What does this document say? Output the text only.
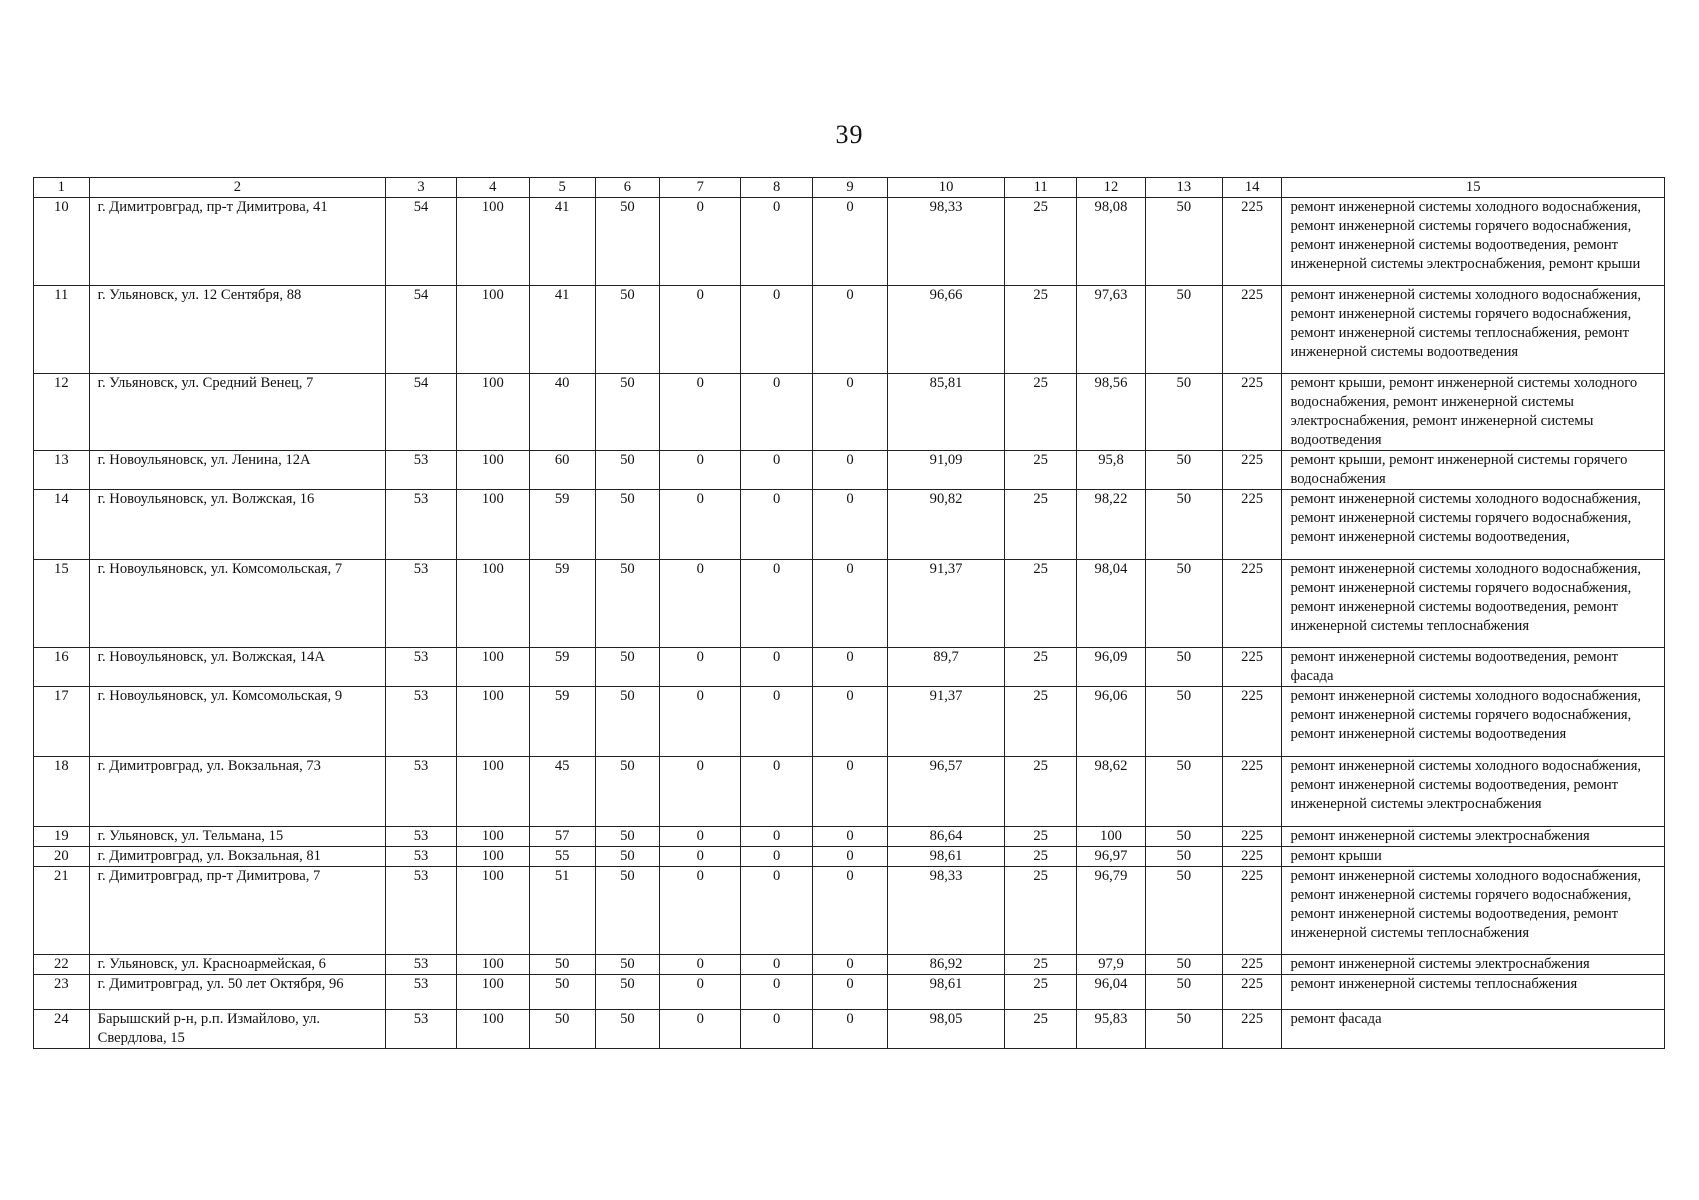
39
1	2	3	4	5	6	7	8	9	10	11	12	13	14	15
10	г. Димитровград, пр-т Димитрова, 41	54	100	41	50	0	0	0	98,33	25	98,08	50	225	ремонт инженерной системы холодного водоснабжения, ремонт инженерной системы горячего водоснабжения, ремонт инженерной системы водоотведения, ремонт инженерной системы электроснабжения, ремонт крыши
11	г. Ульяновск, ул. 12 Сентября, 88	54	100	41	50	0	0	0	96,66	25	97,63	50	225	ремонт инженерной системы холодного водоснабжения, ремонт инженерной системы горячего водоснабжения, ремонт инженерной системы теплоснабжения, ремонт инженерной системы водоотведения
12	г. Ульяновск, ул. Средний Венец, 7	54	100	40	50	0	0	0	85,81	25	98,56	50	225	ремонт крыши, ремонт инженерной системы холодного водоснабжения, ремонт инженерной системы электроснабжения, ремонт инженерной системы водоотведения
13	г. Новоульяновск, ул. Ленина, 12А	53	100	60	50	0	0	0	91,09	25	95,8	50	225	ремонт крыши, ремонт инженерной системы горячего водоснабжения
14	г. Новоульяновск, ул. Волжская, 16	53	100	59	50	0	0	0	90,82	25	98,22	50	225	ремонт инженерной системы холодного водоснабжения, ремонт инженерной системы горячего водоснабжения, ремонт инженерной системы водоотведения,
15	г. Новоульяновск, ул. Комсомольская, 7	53	100	59	50	0	0	0	91,37	25	98,04	50	225	ремонт инженерной системы холодного водоснабжения, ремонт инженерной системы горячего водоснабжения, ремонт инженерной системы водоотведения, ремонт инженерной системы теплоснабжения
16	г. Новоульяновск, ул. Волжская, 14А	53	100	59	50	0	0	0	89,7	25	96,09	50	225	ремонт инженерной системы водоотведения, ремонт фасада
17	г. Новоульяновск, ул. Комсомольская, 9	53	100	59	50	0	0	0	91,37	25	96,06	50	225	ремонт инженерной системы холодного водоснабжения, ремонт инженерной системы горячего водоснабжения, ремонт инженерной системы водоотведения
18	г. Димитровград, ул. Вокзальная, 73	53	100	45	50	0	0	0	96,57	25	98,62	50	225	ремонт инженерной системы холодного водоснабжения, ремонт инженерной системы водоотведения, ремонт инженерной системы электроснабжения
19	г. Ульяновск, ул. Тельмана, 15	53	100	57	50	0	0	0	86,64	25	100	50	225	ремонт инженерной системы электроснабжения
20	г. Димитровград, ул. Вокзальная, 81	53	100	55	50	0	0	0	98,61	25	96,97	50	225	ремонт крыши
21	г. Димитровград, пр-т Димитрова, 7	53	100	51	50	0	0	0	98,33	25	96,79	50	225	ремонт инженерной системы холодного водоснабжения, ремонт инженерной системы горячего водоснабжения, ремонт инженерной системы водоотведения, ремонт инженерной системы теплоснабжения
22	г. Ульяновск, ул. Красноармейская, 6	53	100	50	50	0	0	0	86,92	25	97,9	50	225	ремонт инженерной системы электроснабжения
23	г. Димитровград, ул. 50 лет Октября, 96	53	100	50	50	0	0	0	98,61	25	96,04	50	225	ремонт инженерной системы теплоснабжения
24	Барышский р-н, р.п. Измайлово, ул. Свердлова, 15	53	100	50	50	0	0	0	98,05	25	95,83	50	225	ремонт фасада
